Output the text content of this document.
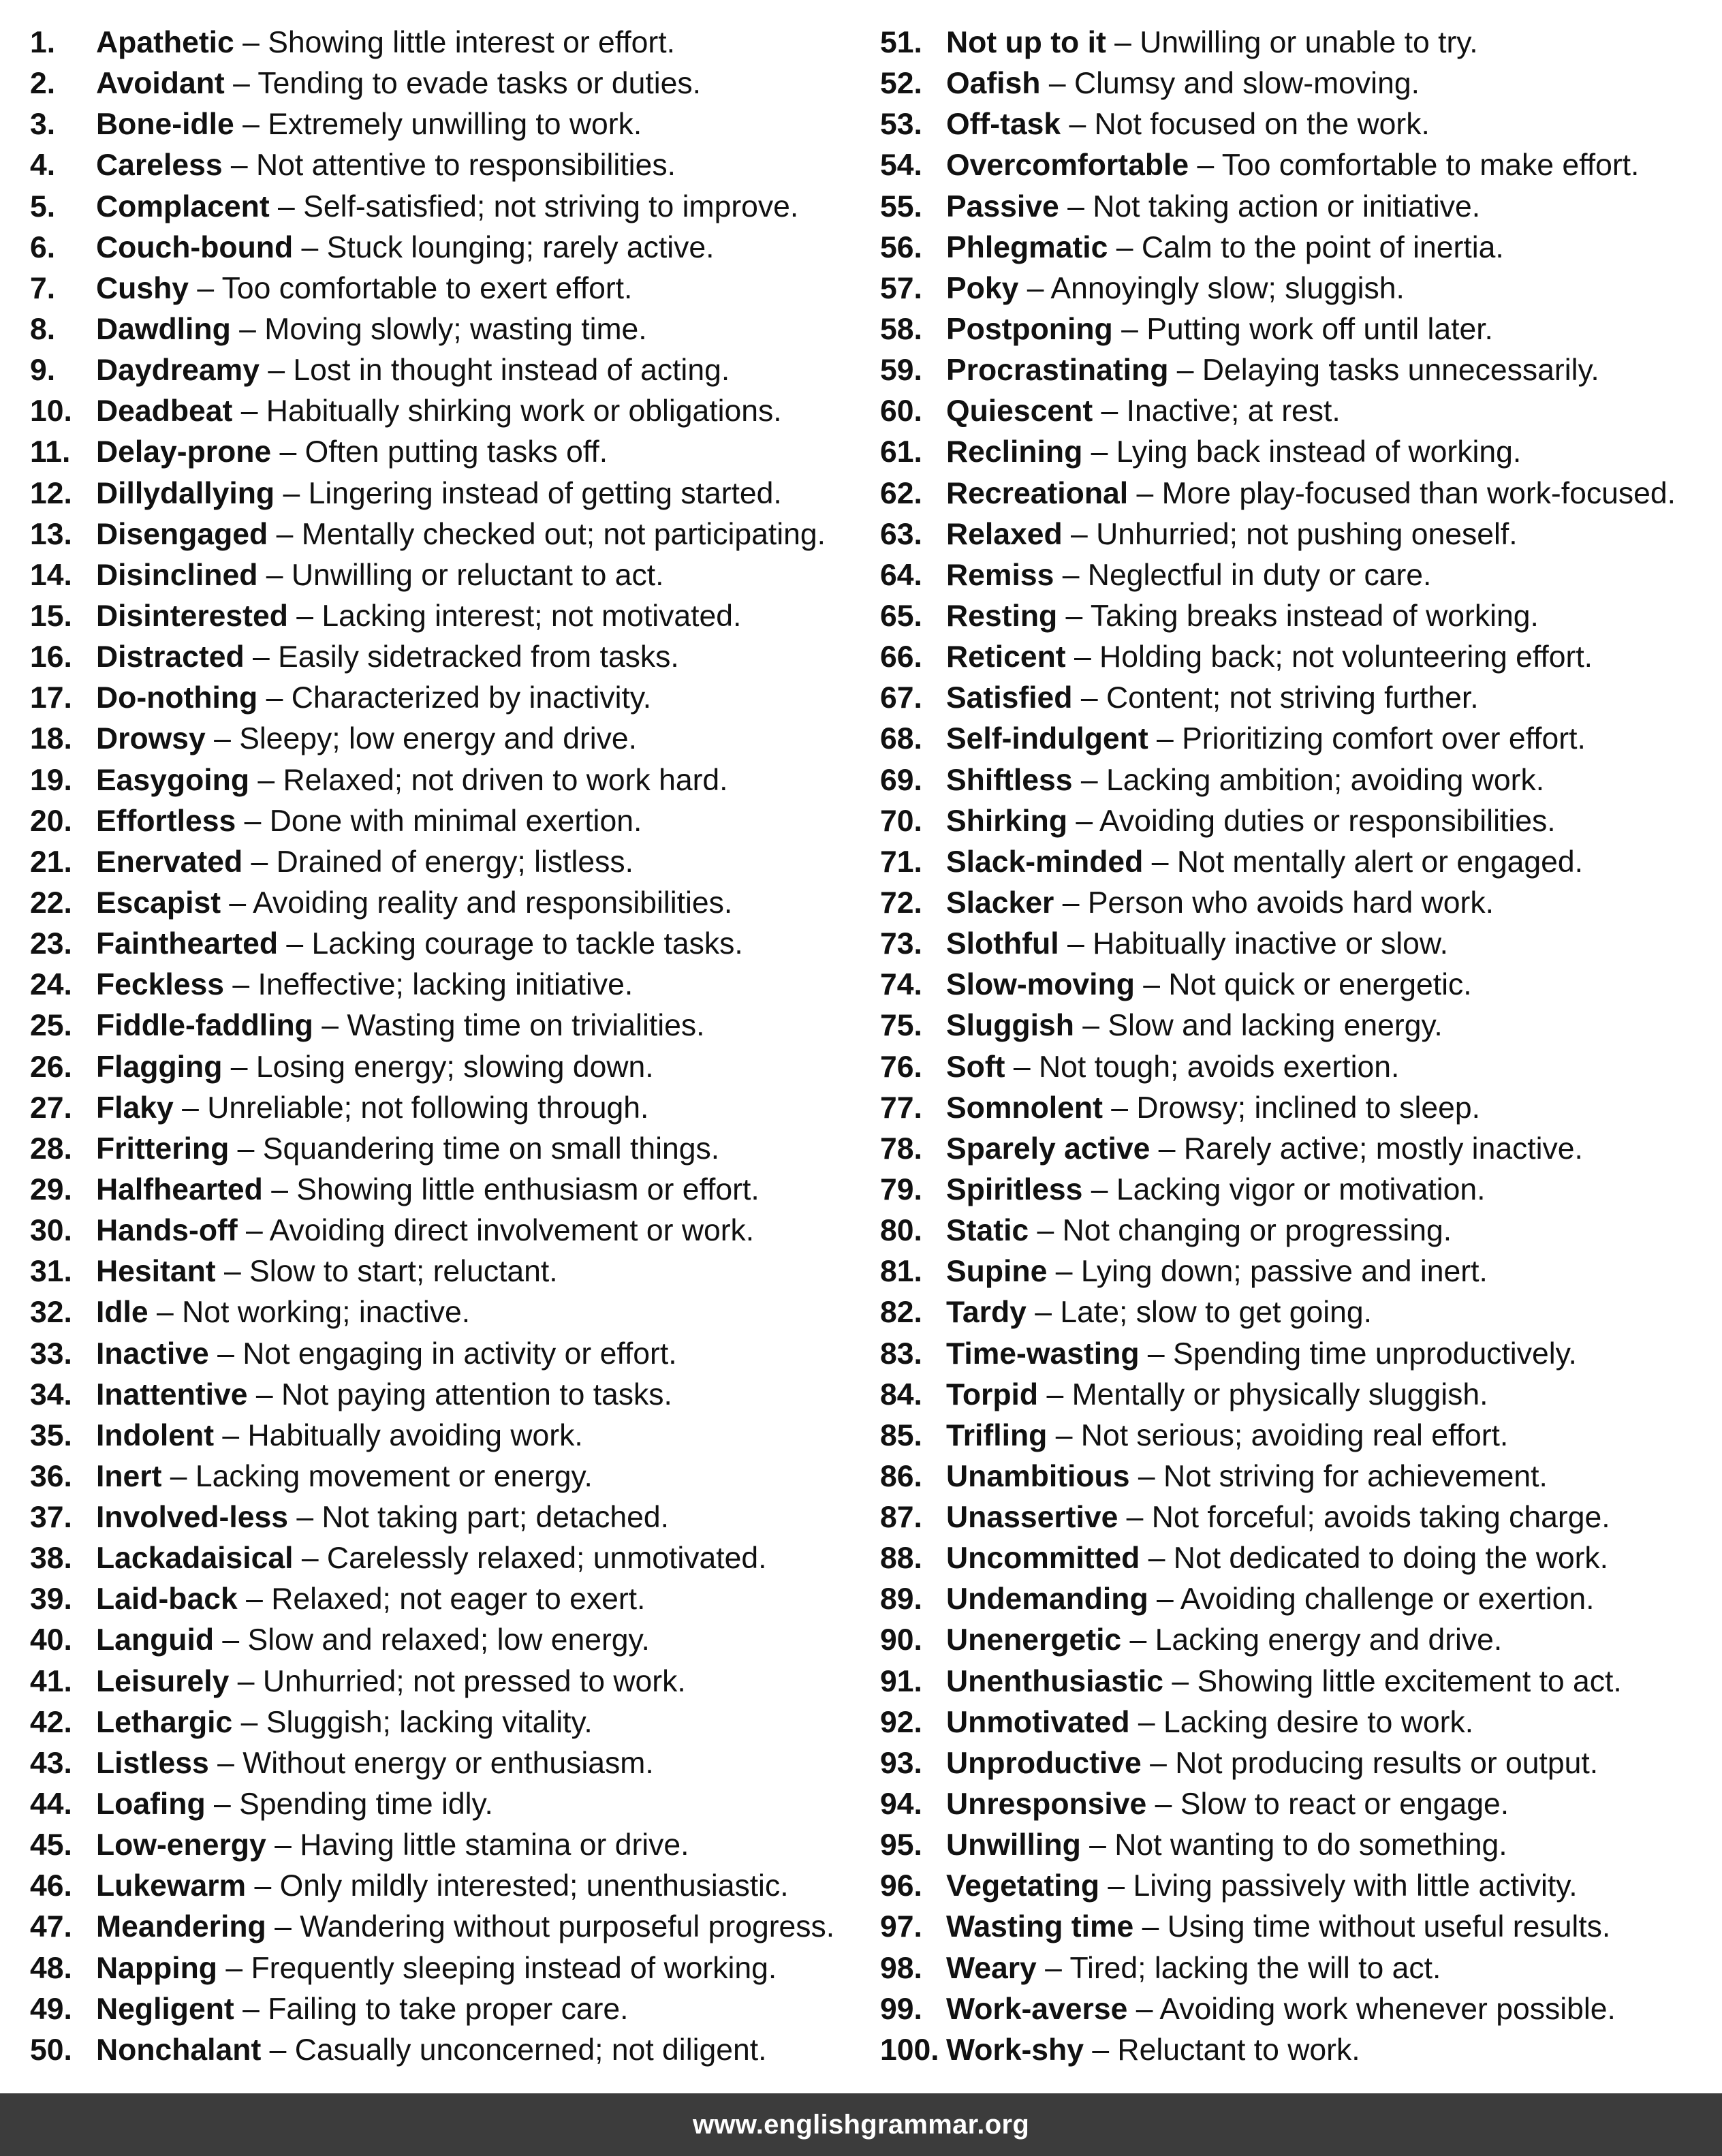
1. Apathetic – Showing little interest or effort.
2. Avoidant – Tending to evade tasks or duties.
3. Bone-idle – Extremely unwilling to work.
4. Careless – Not attentive to responsibilities.
5. Complacent – Self-satisfied; not striving to improve.
6. Couch-bound – Stuck lounging; rarely active.
7. Cushy – Too comfortable to exert effort.
8. Dawdling – Moving slowly; wasting time.
9. Daydreamy – Lost in thought instead of acting.
10. Deadbeat – Habitually shirking work or obligations.
11. Delay-prone – Often putting tasks off.
12. Dillydallying – Lingering instead of getting started.
13. Disengaged – Mentally checked out; not participating.
14. Disinclined – Unwilling or reluctant to act.
15. Disinterested – Lacking interest; not motivated.
16. Distracted – Easily sidetracked from tasks.
17. Do-nothing – Characterized by inactivity.
18. Drowsy – Sleepy; low energy and drive.
19. Easygoing – Relaxed; not driven to work hard.
20. Effortless – Done with minimal exertion.
21. Enervated – Drained of energy; listless.
22. Escapist – Avoiding reality and responsibilities.
23. Fainthearted – Lacking courage to tackle tasks.
24. Feckless – Ineffective; lacking initiative.
25. Fiddle-faddling – Wasting time on trivialities.
26. Flagging – Losing energy; slowing down.
27. Flaky – Unreliable; not following through.
28. Frittering – Squandering time on small things.
29. Halfhearted – Showing little enthusiasm or effort.
30. Hands-off – Avoiding direct involvement or work.
31. Hesitant – Slow to start; reluctant.
32. Idle – Not working; inactive.
33. Inactive – Not engaging in activity or effort.
34. Inattentive – Not paying attention to tasks.
35. Indolent – Habitually avoiding work.
36. Inert – Lacking movement or energy.
37. Involved-less – Not taking part; detached.
38. Lackadaisical – Carelessly relaxed; unmotivated.
39. Laid-back – Relaxed; not eager to exert.
40. Languid – Slow and relaxed; low energy.
41. Leisurely – Unhurried; not pressed to work.
42. Lethargic – Sluggish; lacking vitality.
43. Listless – Without energy or enthusiasm.
44. Loafing – Spending time idly.
45. Low-energy – Having little stamina or drive.
46. Lukewarm – Only mildly interested; unenthusiastic.
47. Meandering – Wandering without purposeful progress.
48. Napping – Frequently sleeping instead of working.
49. Negligent – Failing to take proper care.
50. Nonchalant – Casually unconcerned; not diligent.
51. Not up to it – Unwilling or unable to try.
52. Oafish – Clumsy and slow-moving.
53. Off-task – Not focused on the work.
54. Overcomfortable – Too comfortable to make effort.
55. Passive – Not taking action or initiative.
56. Phlegmatic – Calm to the point of inertia.
57. Poky – Annoyingly slow; sluggish.
58. Postponing – Putting work off until later.
59. Procrastinating – Delaying tasks unnecessarily.
60. Quiescent – Inactive; at rest.
61. Reclining – Lying back instead of working.
62. Recreational – More play-focused than work-focused.
63. Relaxed – Unhurried; not pushing oneself.
64. Remiss – Neglectful in duty or care.
65. Resting – Taking breaks instead of working.
66. Reticent – Holding back; not volunteering effort.
67. Satisfied – Content; not striving further.
68. Self-indulgent – Prioritizing comfort over effort.
69. Shiftless – Lacking ambition; avoiding work.
70. Shirking – Avoiding duties or responsibilities.
71. Slack-minded – Not mentally alert or engaged.
72. Slacker – Person who avoids hard work.
73. Slothful – Habitually inactive or slow.
74. Slow-moving – Not quick or energetic.
75. Sluggish – Slow and lacking energy.
76. Soft – Not tough; avoids exertion.
77. Somnolent – Drowsy; inclined to sleep.
78. Sparely active – Rarely active; mostly inactive.
79. Spiritless – Lacking vigor or motivation.
80. Static – Not changing or progressing.
81. Supine – Lying down; passive and inert.
82. Tardy – Late; slow to get going.
83. Time-wasting – Spending time unproductively.
84. Torpid – Mentally or physically sluggish.
85. Trifling – Not serious; avoiding real effort.
86. Unambitious – Not striving for achievement.
87. Unassertive – Not forceful; avoids taking charge.
88. Uncommitted – Not dedicated to doing the work.
89. Undemanding – Avoiding challenge or exertion.
90. Unenergetic – Lacking energy and drive.
91. Unenthusiastic – Showing little excitement to act.
92. Unmotivated – Lacking desire to work.
93. Unproductive – Not producing results or output.
94. Unresponsive – Slow to react or engage.
95. Unwilling – Not wanting to do something.
96. Vegetating – Living passively with little activity.
97. Wasting time – Using time without useful results.
98. Weary – Tired; lacking the will to act.
99. Work-averse – Avoiding work whenever possible.
100. Work-shy – Reluctant to work.
www.englishgrammar.org
